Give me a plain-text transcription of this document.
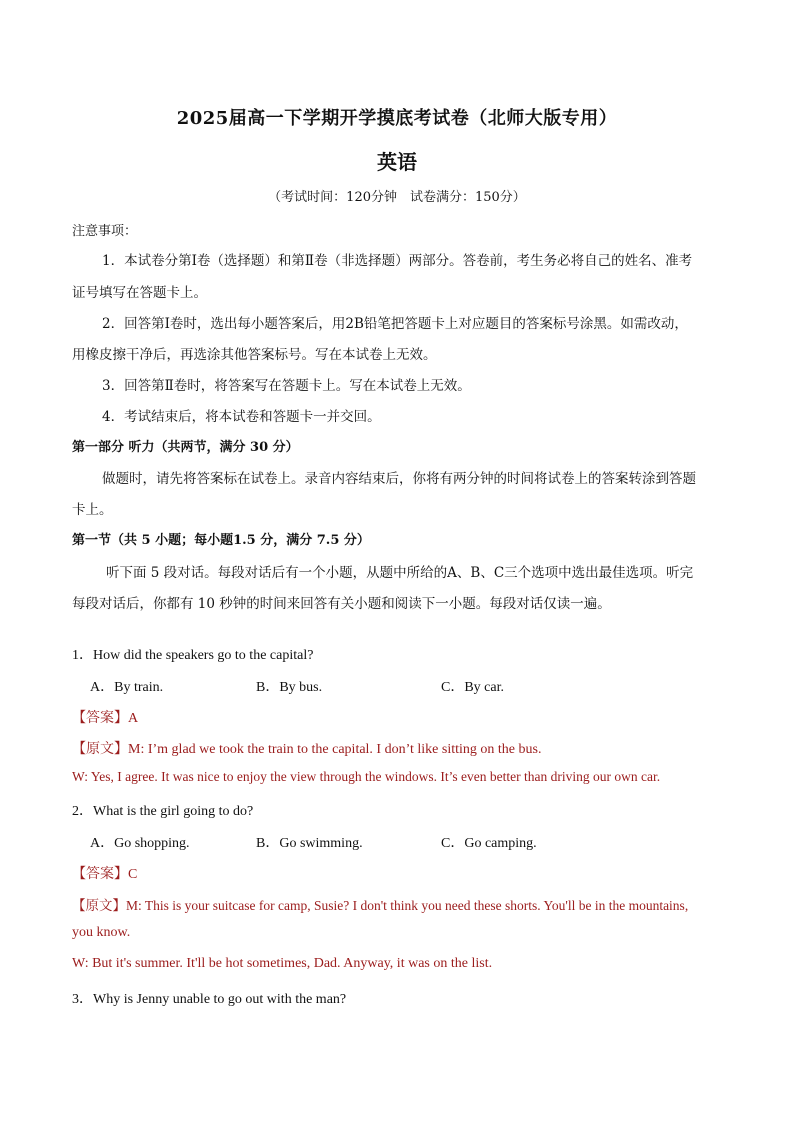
2025届高一下学期开学摸底考试卷（北师大版专用）
英语
（考试时间：120分钟　试卷满分：150分）
注意事项：
1．本试卷分第Ⅰ卷（选择题）和第Ⅱ卷（非选择题）两部分。答卷前，考生务必将自己的姓名、准考
证号填写在答题卡上。
2．回答第Ⅰ卷时，选出每小题答案后，用2B铅笔把答题卡上对应题目的答案标号涂黑。如需改动，
用橡皮擦干净后，再选涂其他答案标号。写在本试卷上无效。
3．回答第Ⅱ卷时，将答案写在答题卡上。写在本试卷上无效。
4．考试结束后，将本试卷和答题卡一并交回。
第一部分 听力（共两节，满分 30 分）
做题时，请先将答案标在试卷上。录音内容结束后，你将有两分钟的时间将试卷上的答案转涂到答题
卡上。
第一节（共 5 小题；每小题1.5 分，满分 7.5 分）
听下面 5 段对话。每段对话后有一个小题，从题中所给的A、B、C三个选项中选出最佳选项。听完
每段对话后，你都有 10 秒钟的时间来回答有关小题和阅读下一小题。每段对话仅读一遍。
1．How did the speakers go to the capital?
A．By train.	B．By bus.	C．By car.
【答案】A
【原文】M: I’m glad we took the train to the capital. I don’t like sitting on the bus.
W: Yes, I agree. It was nice to enjoy the view through the windows. It’s even better than driving our own car.
2．What is the girl going to do?
A．Go shopping.	B．Go swimming.	C．Go camping.
【答案】C
【原文】M: This is your suitcase for camp, Susie? I don't think you need these shorts. You'll be in the mountains,
you know.
W: But it's summer. It'll be hot sometimes, Dad. Anyway, it was on the list.
3．Why is Jenny unable to go out with the man?
